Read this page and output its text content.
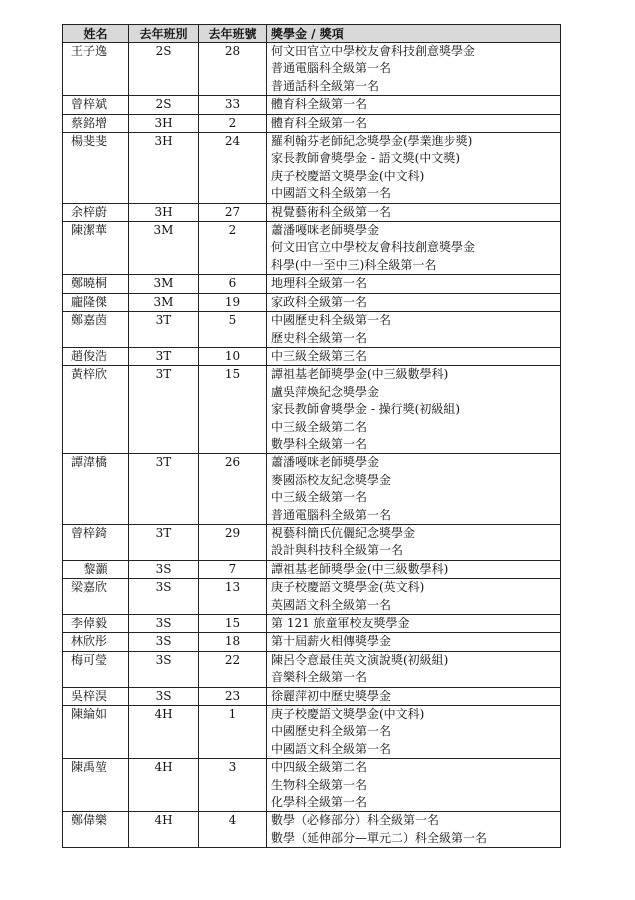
姓名	去年班別	去年班號	獎學金 / 獎項

王子逸	2S	28	何文田官立中學校友會科技創意獎學金
普通電腦科全級第一名
普通話科全級第一名

曾梓斌	2S	33	體育科全級第一名

蔡銘增	3H	2	體育科全級第一名

楊斐斐	3H	24	羅利翰芬老師紀念獎學金(學業進步獎)
家長教師會獎學金 - 語文獎(中文獎)
庚子校慶語文獎學金(中文科)
中國語文科全級第一名

余梓蔚	3H	27	視覺藝術科全級第一名

陳潔華	3M	2	蕭潘嘠咪老師獎學金
何文田官立中學校友會科技創意獎學金
科學(中一至中三)科全級第一名

鄭曉桐	3M	6	地理科全級第一名

龐隆傑	3M	19	家政科全級第一名

鄭嘉茵	3T	5	中國歷史科全級第一名
歷史科全級第一名

趙俊浩	3T	10	中三級全級第三名

黃梓欣	3T	15	譚祖基老師獎學金(中三級數學科)
盧吳萍煥紀念獎學金
家長教師會獎學金 - 操行獎(初級組)
中三級全級第二名
數學科全級第一名

譚湋橋	3T	26	蕭潘嘠咪老師獎學金
麥國添校友紀念獎學金
中三級全級第一名
普通電腦科全級第一名

曾梓錡	3T	29	視藝科簡氏伉儷紀念獎學金
設計與科技科全級第一名

黎灝	3S	7	譚祖基老師獎學金(中三級數學科)

梁嘉欣	3S	13	庚子校慶語文獎學金(英文科)
英國語文科全級第一名

李倬毅	3S	15	第 121 旅童軍校友獎學金

林欣彤	3S	18	第十屆薪火相傳獎學金

梅可瑩	3S	22	陳呂令意最佳英文演說獎(初級組)
音樂科全級第一名

吳梓淏	3S	23	徐麗萍初中歷史獎學金

陳綸如	4H	1	庚子校慶語文獎學金(中文科)
中國歷史科全級第一名
中國語文科全級第一名

陳禹堃	4H	3	中四級全級第二名
生物科全級第一名
化學科全級第一名

鄭偉樂	4H	4	數學（必修部分）科全級第一名
數學（延伸部分—單元二）科全級第一名
